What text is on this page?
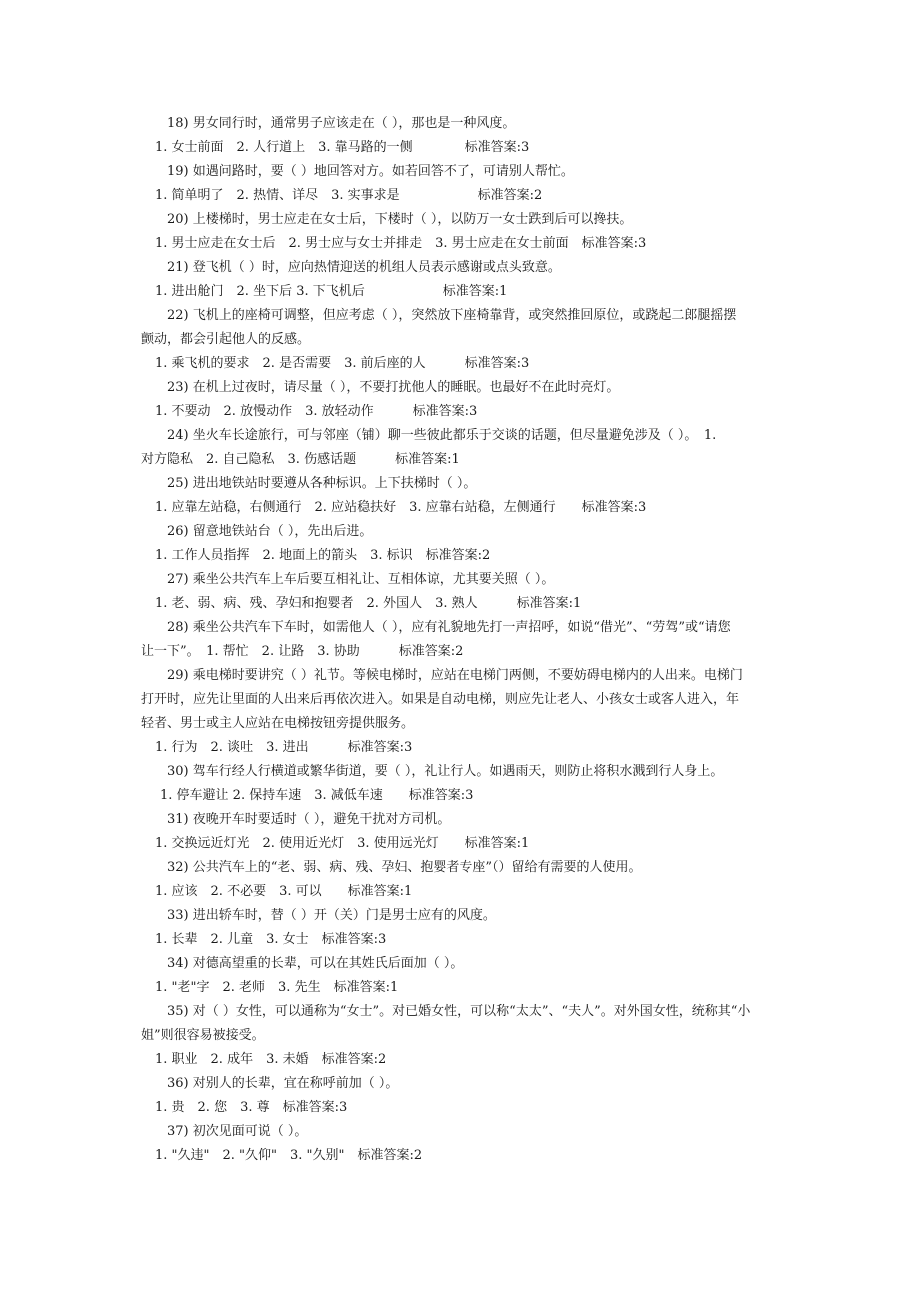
18) 男女同行时，通常男子应该走在（ ），那也是一种风度。
1. 女士前面　2. 人行道上　3. 靠马路的一侧　　　　标准答案:3
19) 如遇问路时，要（ ）地回答对方。如若回答不了，可请别人帮忙。
1. 简单明了　2. 热情、详尽　3. 实事求是　　　　　　标准答案:2
20) 上楼梯时，男士应走在女士后，下楼时（ ），以防万一女士跌到后可以搀扶。
1. 男士应走在女士后　2. 男士应与女士并排走　3. 男士应走在女士前面　标准答案:3
21) 登飞机（ ）时，应向热情迎送的机组人员表示感谢或点头致意。
1. 进出舱门　2. 坐下后 3. 下飞机后　　　　　　标准答案:1
22) 飞机上的座椅可调整，但应考虑（ ），突然放下座椅靠背，或突然推回原位，或跷起二郎腿摇摆
颤动，都会引起他人的反感。
1. 乘飞机的要求　2. 是否需要　3. 前后座的人　　　标准答案:3
23) 在机上过夜时，请尽量（ ），不要打扰他人的睡眠。也最好不在此时亮灯。
1. 不要动　2. 放慢动作　3. 放轻动作　　　标准答案:3
24) 坐火车长途旅行，可与邻座（铺）聊一些彼此都乐于交谈的话题，但尽量避免涉及（ ）。　1.
对方隐私　2. 自己隐私　3. 伤感话题　　　标准答案:1
25) 进出地铁站时要遵从各种标识。上下扶梯时（ ）。
1. 应靠左站稳，右侧通行　2. 应站稳扶好　3. 应靠右站稳，左侧通行　　标准答案:3
26) 留意地铁站台（ ），先出后进。
1. 工作人员指挥　2. 地面上的箭头　3. 标识　标准答案:2
27) 乘坐公共汽车上车后要互相礼让、互相体谅，尤其要关照（ ）。
1. 老、弱、病、残、孕妇和抱婴者　2. 外国人　3. 熟人　　　标准答案:1
28) 乘坐公共汽车下车时，如需他人（ ），应有礼貌地先打一声招呼，如说“借光”、“劳驾”或“请您
让一下”。　1. 帮忙　2. 让路　3. 协助　　　标准答案:2
29) 乘电梯时要讲究（ ）礼节。等候电梯时，应站在电梯门两侧，不要妨碍电梯内的人出来。电梯门
打开时，应先让里面的人出来后再依次进入。如果是自动电梯，则应先让老人、小孩女士或客人进入，年
轻者、男士或主人应站在电梯按钮旁提供服务。
1. 行为　2. 谈吐　3. 进出　　　标准答案:3
30) 驾车行经人行横道或繁华街道，要（ ），礼让行人。如遇雨天，则防止将积水溅到行人身上。
1. 停车避让 2. 保持车速　3. 减低车速　　标准答案:3
31) 夜晚开车时要适时（ ），避免干扰对方司机。
1. 交换远近灯光　2. 使用近光灯　3. 使用远光灯　　标准答案:1
32) 公共汽车上的“老、弱、病、残、孕妇、抱婴者专座”（）留给有需要的人使用。
1. 应该　2. 不必要　3. 可以　　标准答案:1
33) 进出轿车时，替（ ）开（关）门是男士应有的风度。
1. 长辈　2. 儿童　3. 女士　标准答案:3
34) 对德高望重的长辈，可以在其姓氏后面加（ ）。
1. "老"字　2. 老师　3. 先生　标准答案:1
35) 对（ ）女性，可以通称为“女士”。对已婚女性，可以称“太太”、“夫人”。对外国女性，统称其“小
姐”则很容易被接受。
1. 职业　2. 成年　3. 未婚　标准答案:2
36) 对别人的长辈，宜在称呼前加（ ）。
1. 贵　2. 您　3. 尊　标准答案:3
37) 初次见面可说（ ）。
1. "久违"　2. "久仰"　3. "久别"　标准答案:2
